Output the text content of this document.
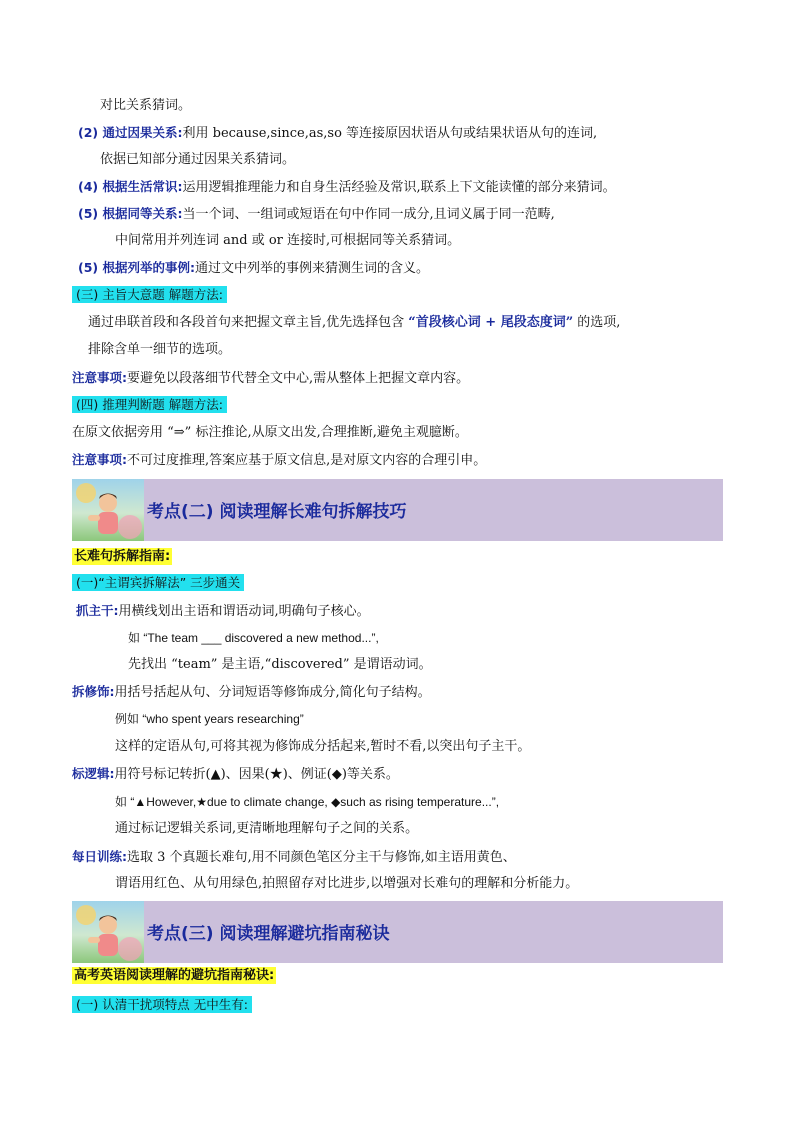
对比关系猜词。
(2) 通过因果关系:利用 because,since,as,so 等连接原因状语从句或结果状语从句的连词,
依据已知部分通过因果关系猜词。
(4) 根据生活常识:运用逻辑推理能力和自身生活经验及常识,联系上下文能读懂的部分来猜词。
(5) 根据同等关系:当一个词、一组词或短语在句中作同一成分,且词义属于同一范畴,
中间常用并列连词 and 或 or 连接时,可根据同等关系猜词。
(5) 根据列举的事例:通过文中列举的事例来猜测生词的含义。
(三) 主旨大意题 解题方法:
通过串联首段和各段首句来把握文章主旨,优先选择包含 “首段核心词 + 尾段态度词” 的选项,
排除含单一细节的选项。
注意事项:要避免以段落细节代替全文中心,需从整体上把握文章内容。
(四) 推理判断题 解题方法:
在原文依据旁用 “⇒” 标注推论,从原文出发,合理推断,避免主观臆断。
注意事项:不可过度推理,答案应基于原文信息,是对原文内容的合理引申。
考点(二) 阅读理解长难句拆解技巧
长难句拆解指南:
(一)“主谓宾拆解法” 三步通关
抓主干:用横线划出主语和谓语动词,明确句子核心。
如 “The team ___ discovered a new method...”,
先找出 “team” 是主语,“discovered” 是谓语动词。
拆修饰:用括号括起从句、分词短语等修饰成分,简化句子结构。
例如 “who spent years researching”
这样的定语从句,可将其视为修饰成分括起来,暂时不看,以突出句子主干。
标逻辑:用符号标记转折(▲)、因果(★)、例证(◆)等关系。
如 “▲However,★due to climate change, ◆such as rising temperature...”,
通过标记逻辑关系词,更清晰地理解句子之间的关系。
每日训练:选取 3 个真题长难句,用不同颜色笔区分主干与修饰,如主语用黄色、
谓语用红色、从句用绿色,拍照留存对比进步,以增强对长难句的理解和分析能力。
考点(三) 阅读理解避坑指南秘诀
高考英语阅读理解的避坑指南秘诀:
(一) 认清干扰项特点 无中生有:
